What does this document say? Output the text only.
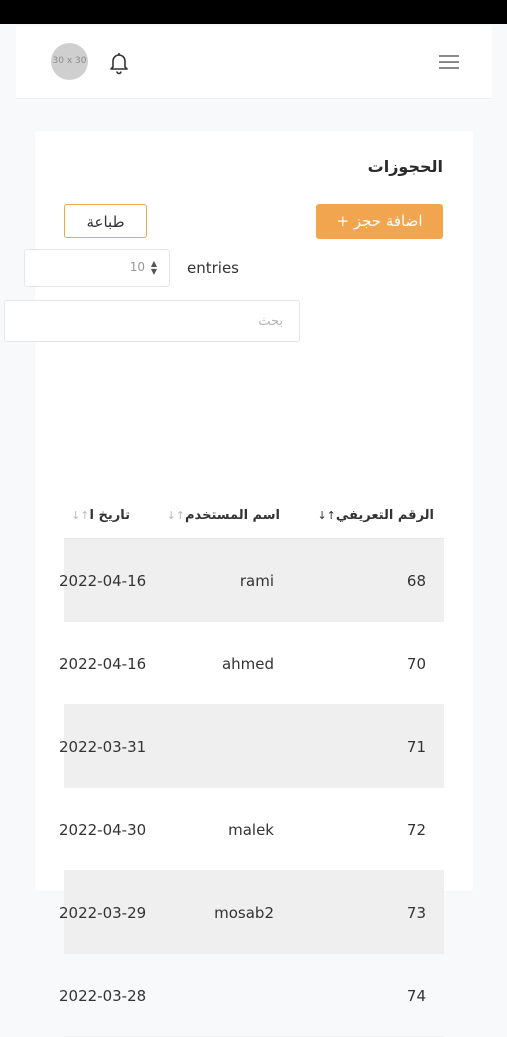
30 x 30
الحجوزات
اضافة حجز +
طباعة
10 ▲
▼ entries
بحث
الرقم التعريفي↑↓
اسم المستخدم↑↓
تاريخ ا↑↓
68
rami
2022-04-16
70
ahmed
2022-04-16
71
2022-03-31
72
malek
2022-04-30
73
mosab2
2022-03-29
74
2022-03-28
